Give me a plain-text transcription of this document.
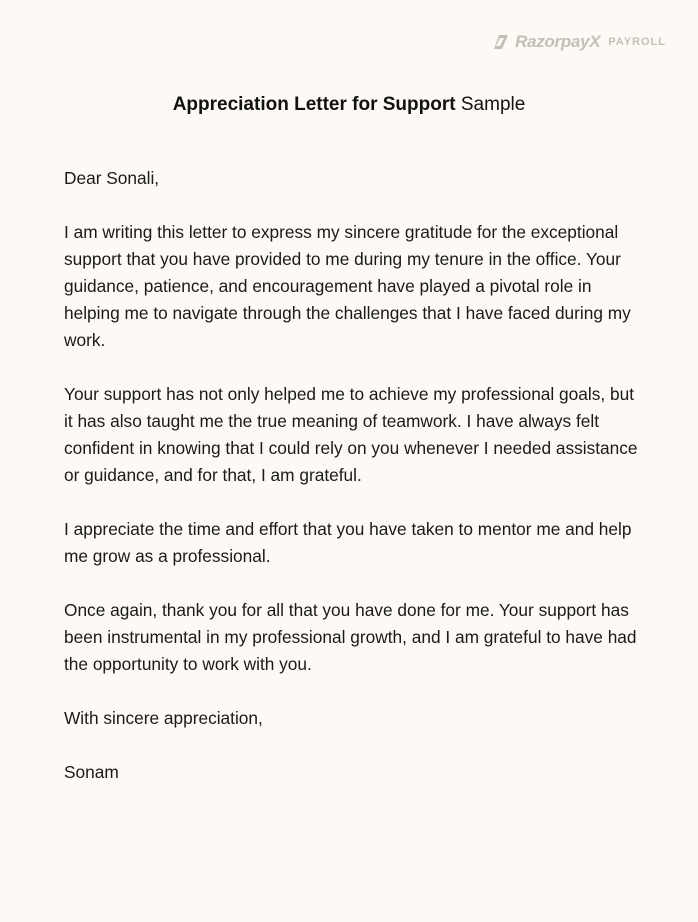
RazorpayX PAYROLL
Appreciation Letter for Support Sample

Dear Sonali,

I am writing this letter to express my sincere gratitude for the exceptional support that you have provided to me during my tenure in the office. Your guidance, patience, and encouragement have played a pivotal role in helping me to navigate through the challenges that I have faced during my work.

Your support has not only helped me to achieve my professional goals, but it has also taught me the true meaning of teamwork. I have always felt confident in knowing that I could rely on you whenever I needed assistance or guidance, and for that, I am grateful.

I appreciate the time and effort that you have taken to mentor me and help me grow as a professional.

Once again, thank you for all that you have done for me. Your support has been instrumental in my professional growth, and I am grateful to have had the opportunity to work with you.

With sincere appreciation,

Sonam
